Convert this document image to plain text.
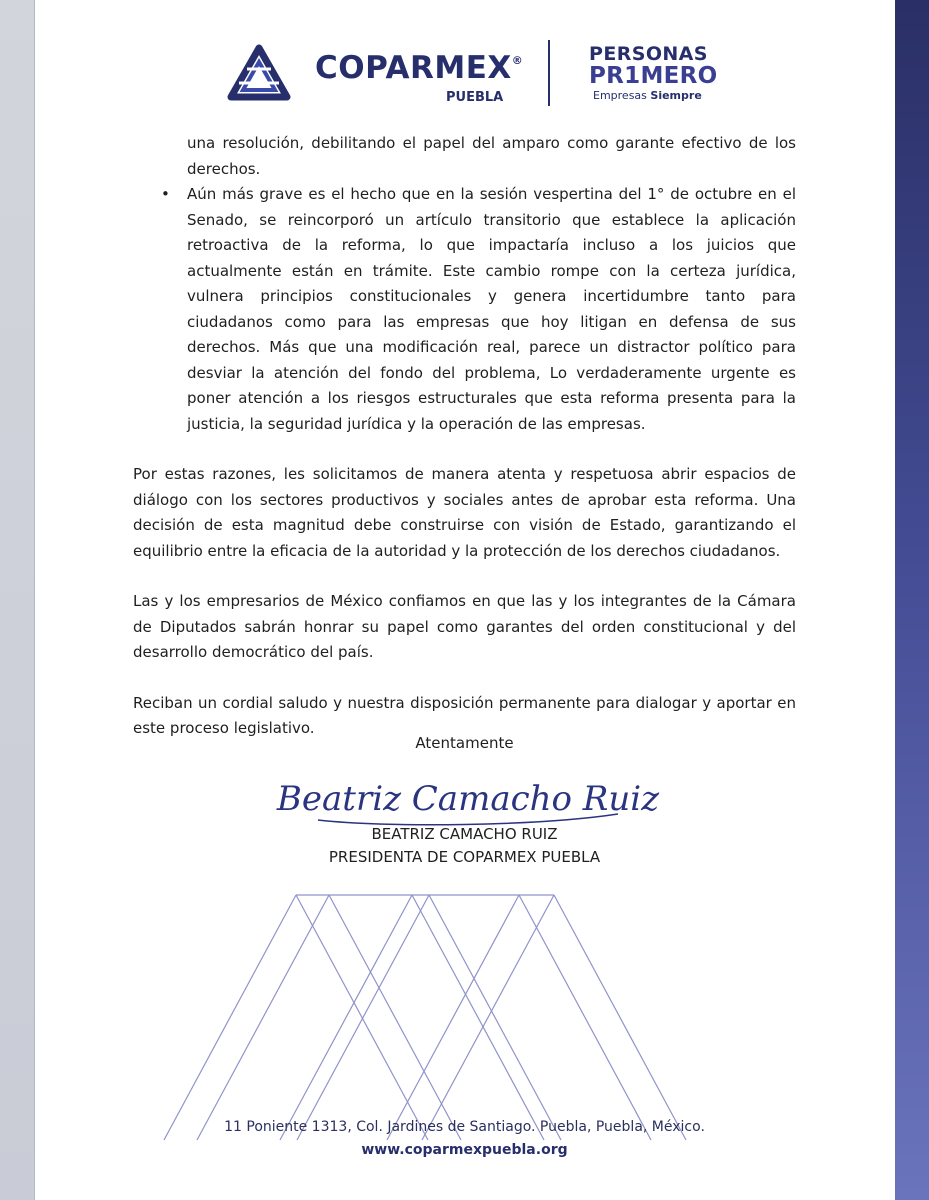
COPARMEX®
PUEBLA
PERSONAS
PR1MERO
Empresas Siempre
una resolución, debilitando el papel del amparo como garante efectivo de los derechos.
• Aún más grave es el hecho que en la sesión vespertina del 1° de octubre en el Senado, se reincorporó un artículo transitorio que establece la aplicación retroactiva de la reforma, lo que impactaría incluso a los juicios que actualmente están en trámite. Este cambio rompe con la certeza jurídica, vulnera principios constitucionales y genera incertidumbre tanto para ciudadanos como para las empresas que hoy litigan en defensa de sus derechos. Más que una modificación real, parece un distractor político para desviar la atención del fondo del problema, Lo verdaderamente urgente es poner atención a los riesgos estructurales que esta reforma presenta para la justicia, la seguridad jurídica y la operación de las empresas.

Por estas razones, les solicitamos de manera atenta y respetuosa abrir espacios de diálogo con los sectores productivos y sociales antes de aprobar esta reforma. Una decisión de esta magnitud debe construirse con visión de Estado, garantizando el equilibrio entre la eficacia de la autoridad y la protección de los derechos ciudadanos.

Las y los empresarios de México confiamos en que las y los integrantes de la Cámara de Diputados sabrán honrar su papel como garantes del orden constitucional y del desarrollo democrático del país.

Reciban un cordial saludo y nuestra disposición permanente para dialogar y aportar en este proceso legislativo.

Atentamente
Beatriz Camacho Ruiz
BEATRIZ CAMACHO RUIZ
PRESIDENTA DE COPARMEX PUEBLA
11 Poniente 1313, Col. Jardines de Santiago. Puebla, Puebla, México.
www.coparmexpuebla.org
